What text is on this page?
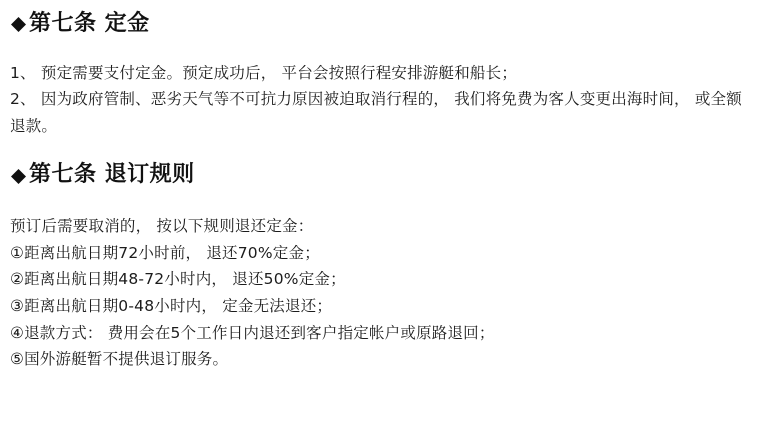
第七条 定金

1、 预定需要支付定金。预定成功后， 平台会按照行程安排游艇和船长；

2、 因为政府管制、恶劣天气等不可抗力原因被迫取消行程的， 我们将免费为客人变更出海时间， 或全额退款。

第七条 退订规则

预订后需要取消的， 按以下规则退还定金：

①距离出航日期72小时前， 退还70%定金；

②距离出航日期48-72小时内， 退还50%定金；

③距离出航日期0-48小时内， 定金无法退还；

④退款方式： 费用会在5个工作日内退还到客户指定帐户或原路退回；

⑤国外游艇暂不提供退订服务。
